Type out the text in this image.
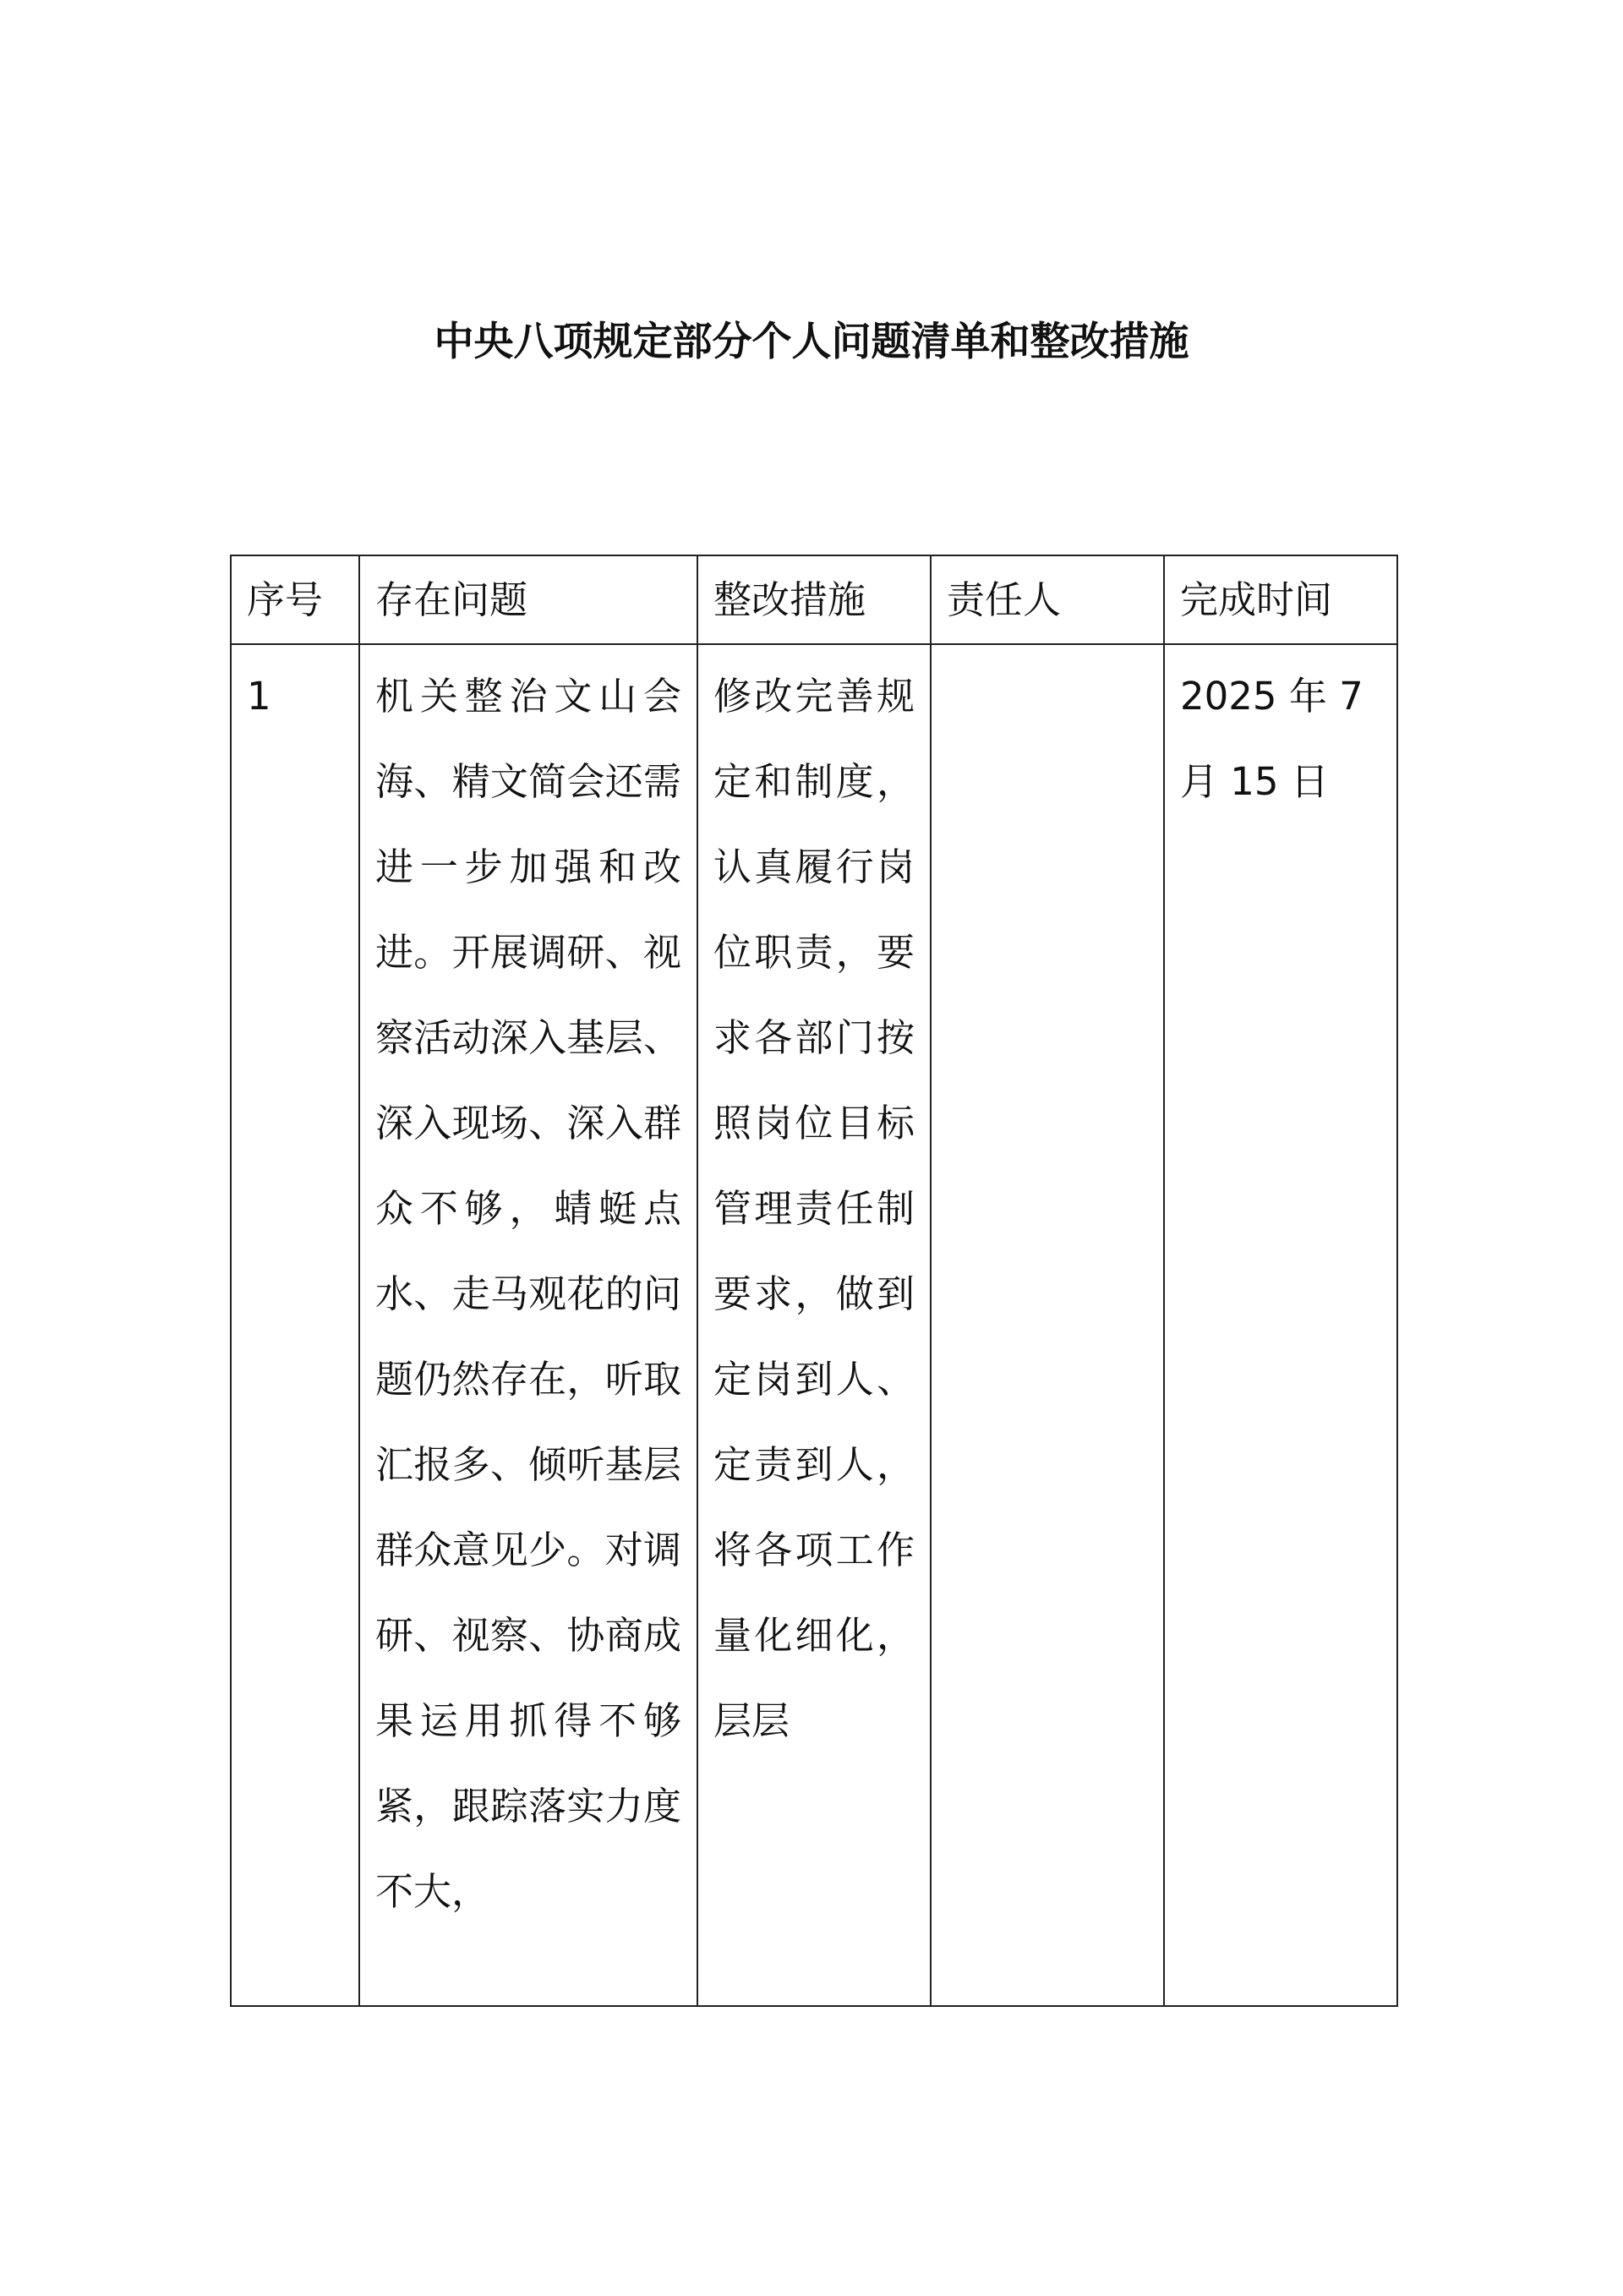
中央八项规定部分个人问题清单和整改措施
序号	存在问题	整改措施	责任人	完成时间
1	机关整治文山会海、精文简会还需进一步加强和改进。开展调研、视察活动深入基层、深入现场、深入群众不够，蜻蜓点水、走马观花的问题仍然存在，听取汇报多、倾听基层群众意见少。对调研、视察、协商成果运用抓得不够紧，跟踪落实力度不大，	修改完善规定和制度，认真履行岗位职责，要求各部门按照岗位目标管理责任制要求，做到定岗到人、定责到人，将各项工作量化细化，层层		2025 年 7 月 15 日
